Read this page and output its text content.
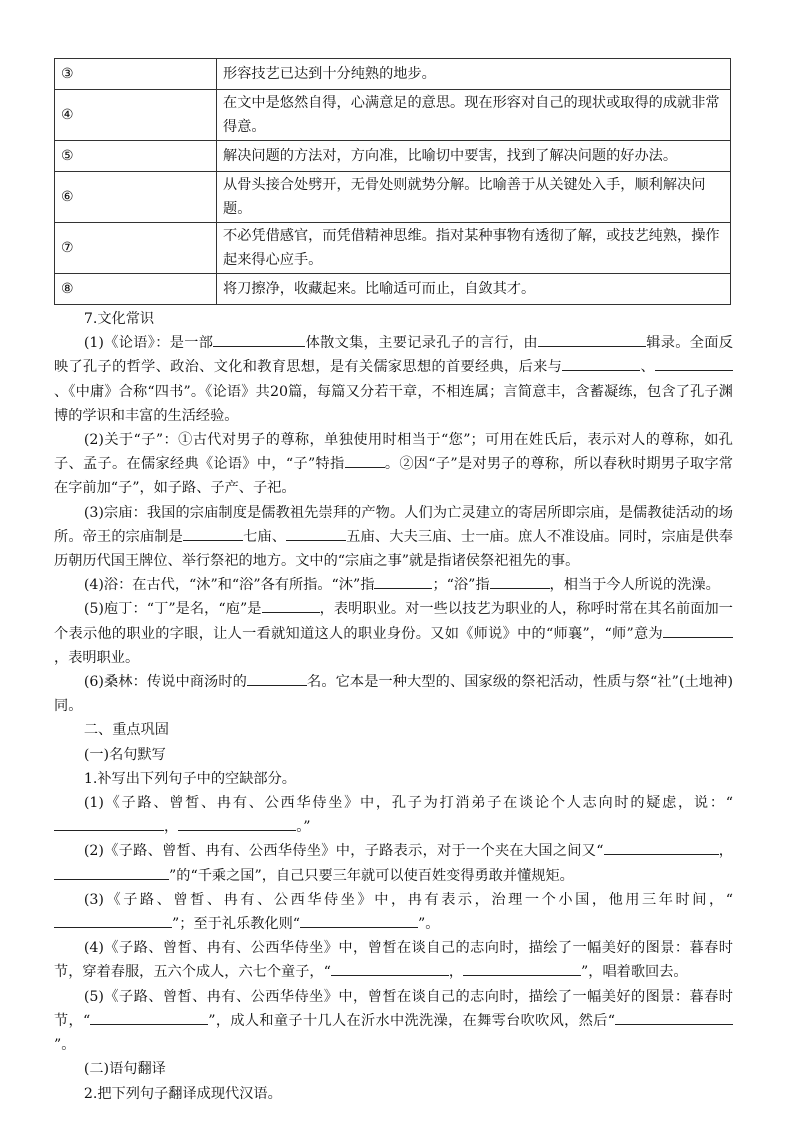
③	形容技艺已达到十分纯熟的地步。
④	在文中是悠然自得，心满意足的意思。现在形容对自己的现状或取得的成就非常得意。
⑤	解决问题的方法对，方向准，比喻切中要害，找到了解决问题的好办法。
⑥	从骨头接合处劈开，无骨处则就势分解。比喻善于从关键处入手，顺利解决问题。
⑦	不必凭借感官，而凭借精神思维。指对某种事物有透彻了解，或技艺纯熟，操作起来得心应手。
⑧	将刀擦净，收藏起来。比喻适可而止，自敛其才。

7.文化常识

(1)《论语》：是一部	体散文集，主要记录孔子的言行，由	辑录。全面反映了孔子的哲学、政治、文化和教育思想，是有关儒家思想的首要经典，后来与	、、《中庸》合称“四书”。《论语》共20篇，每篇又分若干章，不相连属；言简意丰，含蓄凝练，包含了孔子渊博的学识和丰富的生活经验。

(2)关于“子”：①古代对男子的尊称，单独使用时相当于“您”；可用在姓氏后，表示对人的尊称，如孔子、孟子。在儒家经典《论语》中，“子”特指	。②因“子”是对男子的尊称，所以春秋时期男子取字常在字前加“子”，如子路、子产、子祀。

(3)宗庙：我国的宗庙制度是儒教祖先崇拜的产物。人们为亡灵建立的寄居所即宗庙，是儒教徒活动的场所。帝王的宗庙制是	七庙、	五庙、大夫三庙、士一庙。庶人不准设庙。同时，宗庙是供奉历朝历代国王牌位、举行祭祀的地方。文中的“宗庙之事”就是指诸侯祭祀祖先的事。

(4)浴：在古代，“沐”和“浴”各有所指。“沐”指	；“浴”指	，相当于今人所说的洗澡。

(5)庖丁：“丁”是名，“庖”是	，表明职业。对一些以技艺为职业的人，称呼时常在其名前面加一个表示他的职业的字眼，让人一看就知道这人的职业身份。又如《师说》中的“师襄”，“师”意为，表明职业。

(6)桑林：传说中商汤时的	名。它本是一种大型的、国家级的祭祀活动，性质与祭“社”(土地神)同。

二、重点巩固

(一)名句默写

1.补写出下列句子中的空缺部分。

(1)《子路、曾皙、冉有、公西华侍坐》中，孔子为打消弟子在谈论个人志向时的疑虑，说：“，	。”

(2)《子路、曾皙、冉有、公西华侍坐》中，子路表示，对于一个夹在大国之间又“	，”的“千乘之国”，自己只要三年就可以使百姓变得勇敢并懂规矩。

(3)《子路、曾皙、冉有、公西华侍坐》中，冉有表示，治理一个小国，他用三年时间，“”；至于礼乐教化则“	”。

(4)《子路、曾皙、冉有、公西华侍坐》中，曾皙在谈自己的志向时，描绘了一幅美好的图景：暮春时节，穿着春服，五六个成人，六七个童子，“	，	”，唱着歌回去。

(5)《子路、曾皙、冉有、公西华侍坐》中，曾皙在谈自己的志向时，描绘了一幅美好的图景：暮春时节，“	”，成人和童子十几人在沂水中洗洗澡，在舞雩台吹吹风，然后“”。

(二)语句翻译

2.把下列句子翻译成现代汉语。
